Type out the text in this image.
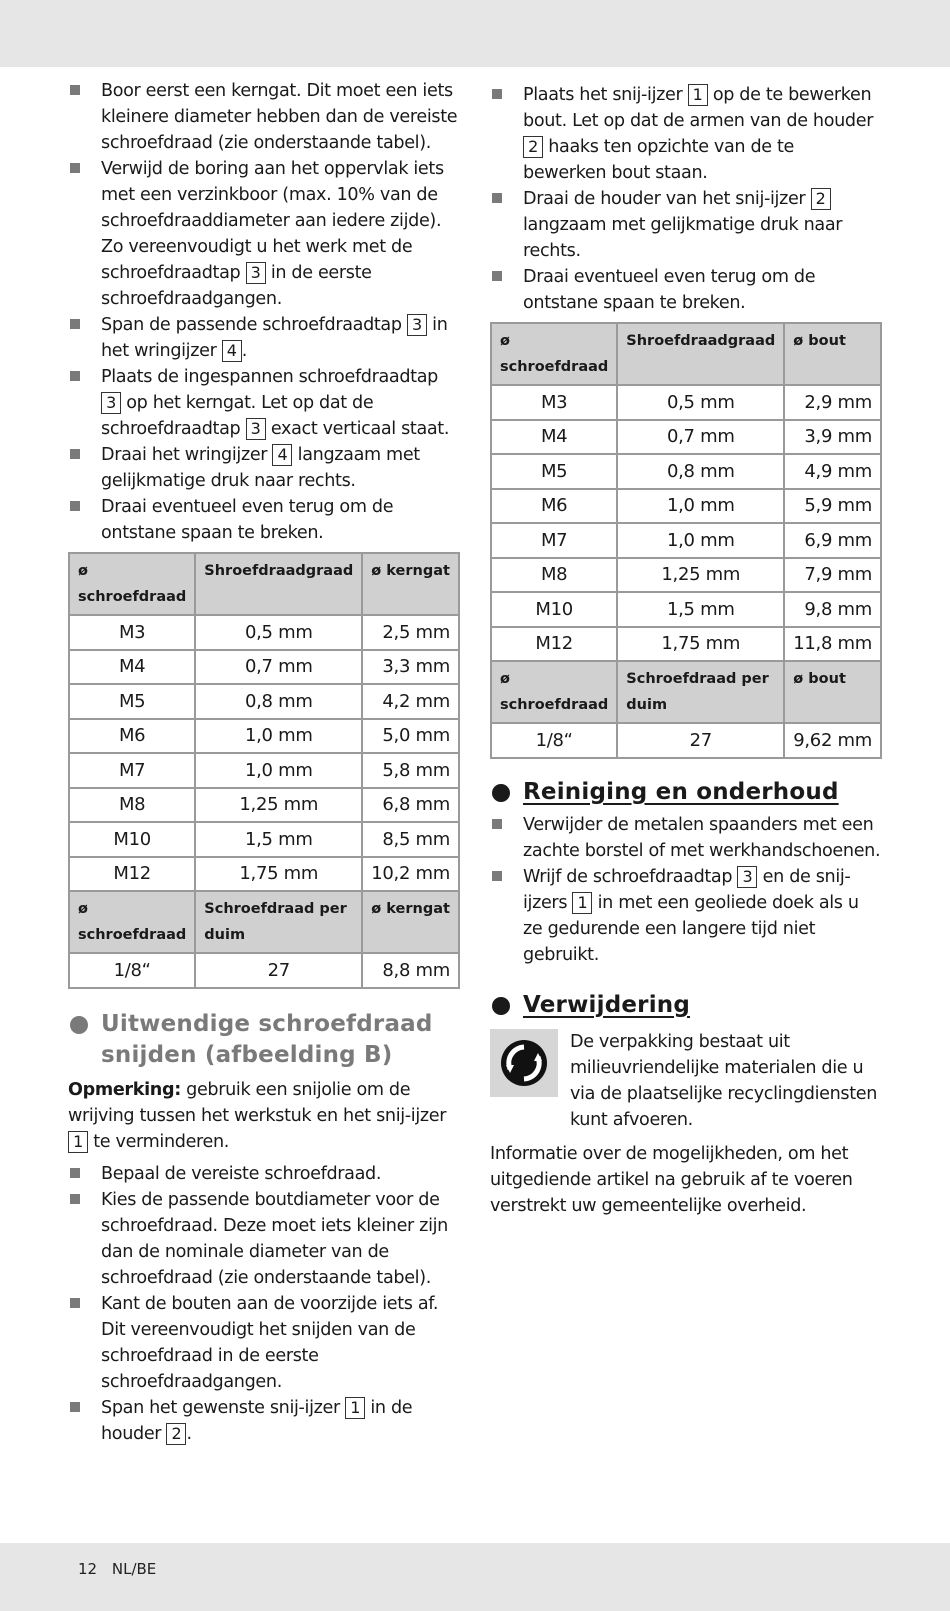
Boor eerst een kerngat. Dit moet een iets kleinere diameter hebben dan de vereiste schroefdraad (zie onderstaande tabel).
Verwijd de boring aan het oppervlak iets met een verzinkboor (max. 10% van de schroefdraaddiameter aan iedere zijde). Zo vereenvoudigt u het werk met de schroefdraadtap 3 in de eerste schroefdraadgangen.
Span de passende schroefdraadtap 3 in het wringijzer 4 .
Plaats de ingespannen schroefdraadtap 3 op het kerngat. Let op dat de schroefdraadtap 3 exact verticaal staat.
Draai het wringijzer 4 langzaam met gelijkmatige druk naar rechts.
Draai eventueel even terug om de ontstane spaan te breken.
ø schroefdraad	Shroefdraadgraad	ø kerngat
M3	0,5 mm	2,5 mm
M4	0,7 mm	3,3 mm
M5	0,8 mm	4,2 mm
M6	1,0 mm	5,0 mm
M7	1,0 mm	5,8 mm
M8	1,25 mm	6,8 mm
M10	1,5 mm	8,5 mm
M12	1,75 mm	10,2 mm
ø schroefdraad	Schroefdraad per duim	ø kerngat
1/8“	27	8,8 mm
Uitwendige schroefdraad snijden (afbeelding B)

Opmerking: gebruik een snijolie om de wrijving tussen het werkstuk en het snij-ijzer 1 te verminderen.

Bepaal de vereiste schroefdraad.
Kies de passende boutdiameter voor de schroefdraad. Deze moet iets kleiner zijn dan de nominale diameter van de schroefdraad (zie onderstaande tabel).
Kant de bouten aan de voorzijde iets af. Dit vereenvoudigt het snijden van de schroefdraad in de eerste schroefdraadgangen.
Span het gewenste snij-ijzer 1 in de houder 2 .
Plaats het snij-ijzer 1 op de te bewerken bout. Let op dat de armen van de houder 2 haaks ten opzichte van de te bewerken bout staan.
Draai de houder van het snij-ijzer 2 langzaam met gelijkmatige druk naar rechts.
Draai eventueel even terug om de ontstane spaan te breken.
ø schroefdraad	Shroefdraadgraad	ø bout
M3	0,5 mm	2,9 mm
M4	0,7 mm	3,9 mm
M5	0,8 mm	4,9 mm
M6	1,0 mm	5,9 mm
M7	1,0 mm	6,9 mm
M8	1,25 mm	7,9 mm
M10	1,5 mm	9,8 mm
M12	1,75 mm	11,8 mm
ø schroefdraad	Schroefdraad per duim	ø bout
1/8“	27	9,62 mm
Reiniging en onderhoud
Verwijder de metalen spaanders met een zachte borstel of met werkhandschoenen.
Wrijf de schroefdraadtap 3 en de snij-ijzers 1 in met een geoliede doek als u ze gedurende een langere tijd niet gebruikt.
Verwijdering

De verpakking bestaat uit milieuvriendelijke materialen die u via de plaatselijke recyclingdiensten kunt afvoeren.

Informatie over de mogelijkheden, om het uitgediende artikel na gebruik af te voeren verstrekt uw gemeentelijke overheid.

12 NL/BE
